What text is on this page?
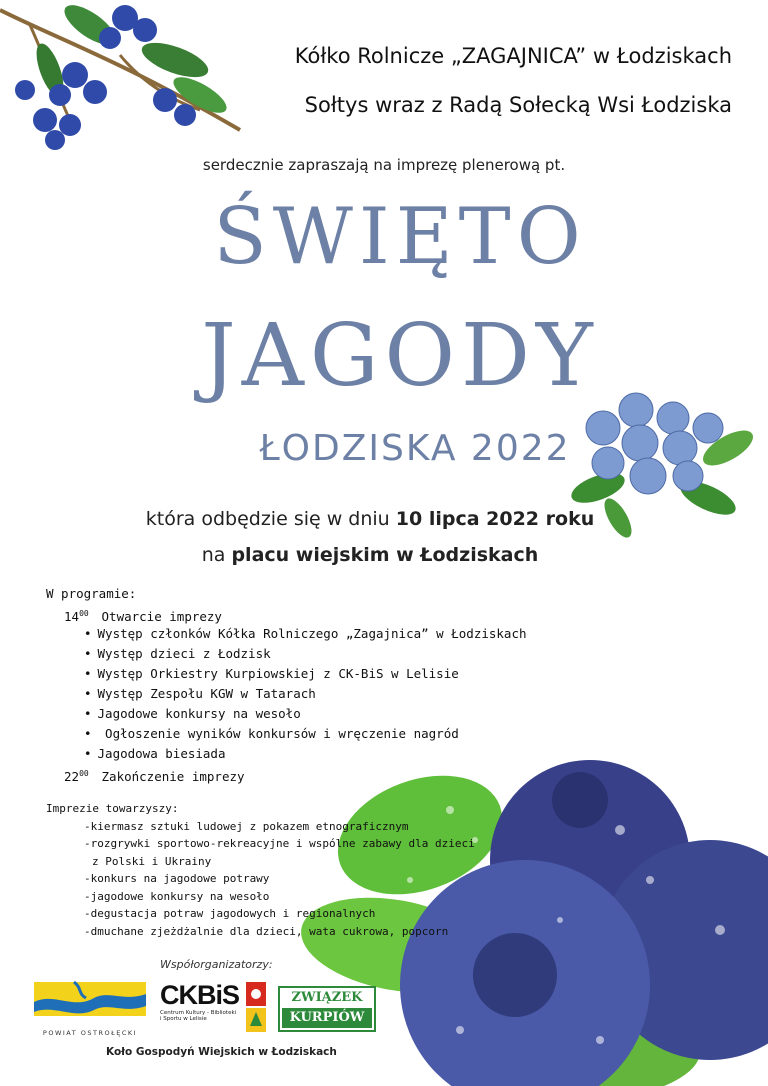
Kółko Rolnicze „ZAGAJNICA” w Łodziskach
Sołtys wraz z Radą Sołecką Wsi Łodziska
serdecznie zapraszają na imprezę plenerową pt.
ŚWIĘTO
JAGODY
ŁODZISKA 2022
która odbędzie się w dniu 10 lipca 2022 roku
na placu wiejskim w Łodziskach
W programie:
$14^{00}$ Otwarcie imprezy
• Występ członków Kółka Rolniczego „Zagajnica” w Łodziskach
• Występ dzieci z Łodzisk
• Występ Orkiestry Kurpiowskiej z CK-BiS w Lelisie
• Występ Zespołu KGW w Tatarach
• Jagodowe konkursy na wesoło
• Ogłoszenie wyników konkursów i wręczenie nagród
• Jagodowa biesiada
$22^{00}$ Zakończenie imprezy
Imprezie towarzyszy:
-kiermasz sztuki ludowej z pokazem etnograficznym
-rozgrywki sportowo-rekreacyjne i wspólne zabawy dla dzieci
z Polski i Ukrainy
-konkurs na jagodowe potrawy
-jagodowe konkursy na wesoło
-degustacja potraw jagodowych i regionalnych
-dmuchane zjeżdżalnie dla dzieci, wata cukrowa, popcorn
Współorganizatorzy:
POWIAT OSTROŁĘCKI
CKBiS
Centrum Kultury - Biblioteki
i Sportu w Lelisie
ZWIĄZEK
KURPIÓW
Koło Gospodyń Wiejskich w Łodziskach
